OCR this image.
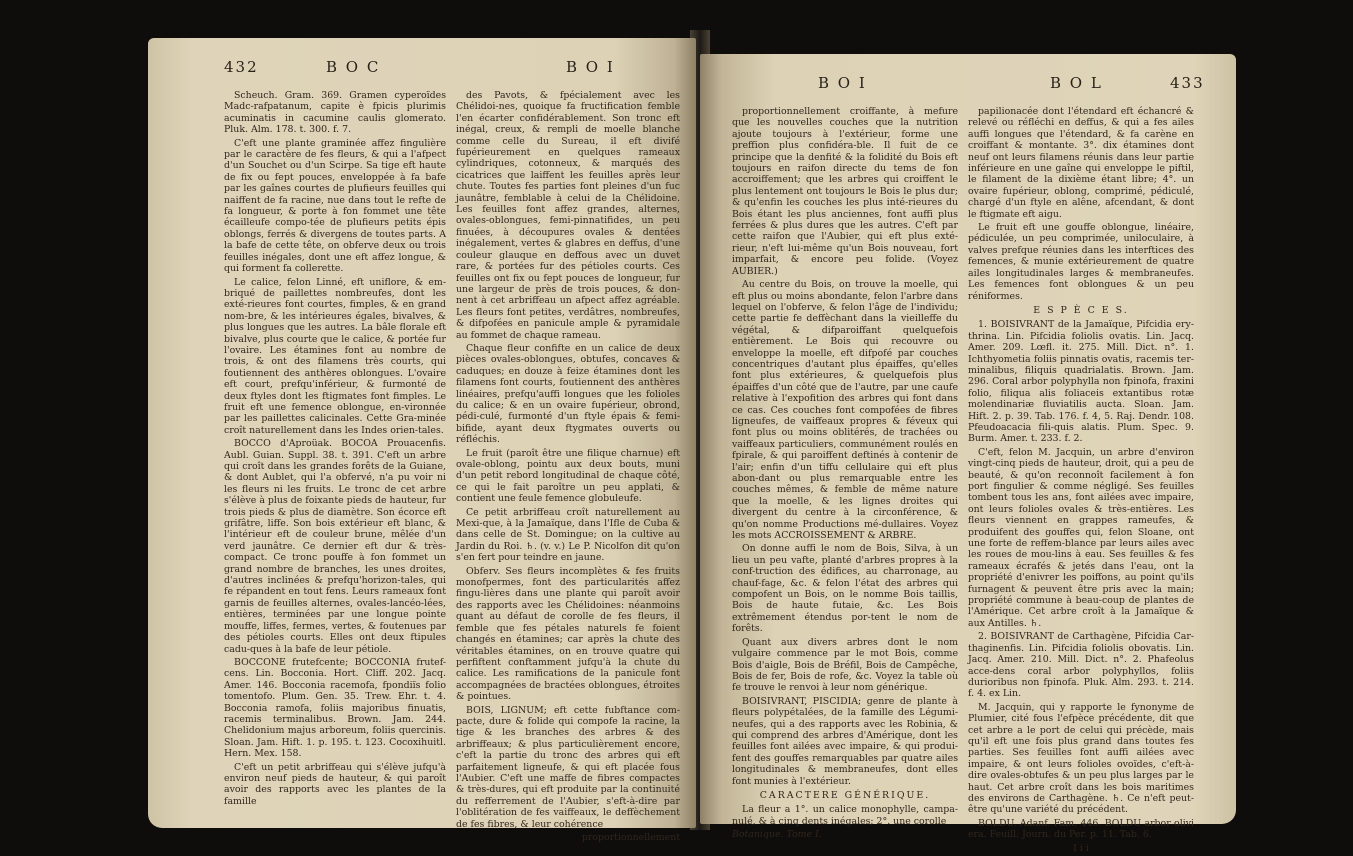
432	B O C	B O I

Scheuch. Gram. 369. Gramen cyperoïdes Madc-rafpatanum, capite è fpicis plurimis acuminatis in cacumine caulis glomerato. Pluk. Alm. 178. t. 300. f. 7.

C'eft une plante graminée affez fingulière par le caractère de fes fleurs, & qui a l'afpect d'un Souchet ou d'un Scirpe. Sa tige eft haute de fix ou fept pouces, enveloppée à fa bafe par les gaînes courtes de plufieurs feuilles qui naiffent de fa racine, nue dans tout le refte de fa longueur, & porte à fon fommet une tête écailleufe compo-tée de plufieurs petits épis oblongs, ferrés & divergens de toutes parts. A la bafe de cette tête, on obferve deux ou trois feuilles inégales, dont une eft affez longue, & qui forment fa collerette.

Le calice, felon Linné, eft uniflore, & em-briqué de paillettes nombreufes, dont les exté-rieures font courtes, fimples, & en grand nom-bre, & les intérieures égales, bivalves, & plus longues que les autres. La bâle florale eft bivalve, plus courte que le calice, & portée fur l'ovaire. Les étamines font au nombre de trois, & ont des filamens très courts, qui foutiennent des anthères oblongues. L'ovaire eft court, prefqu'inférieur, & furmonté de deux ftyles dont les ftigmates font fimples. Le fruit eft une femence oblongue, en-vironnée par les paillettes calicinales. Cette Gra-minée croît naturellement dans les Indes orien-tales.

BOCCO d'Aproüak. BOCOA Prouacenfis. Aubl. Guian. Suppl. 38. t. 391. C'eft un arbre qui croît dans les grandes forêts de la Guiane, & dont Aublet, qui l'a obfervé, n'a pu voir ni les fleurs ni les fruits. Le tronc de cet arbre s'élève à plus de foixante pieds de hauteur, fur trois pieds & plus de diamètre. Son écorce eft grifâtre, liffe. Son bois extérieur eft blanc, & l'intérieur eft de couleur brune, mêlée d'un verd jaunâtre. Ce dernier eft dur & très-compact. Ce tronc pouffe à fon fommet un grand nombre de branches, les unes droites, d'autres inclinées & prefqu'horizon-tales, qui fe répandent en tout fens. Leurs rameaux font garnis de feuilles alternes, ovales-lancéo-lées, entières, terminées par une longue pointe mouffe, liffes, fermes, vertes, & foutenues par des pétioles courts. Elles ont deux ftipules cadu-ques à la bafe de leur pétiole.

BOCCONE frutefcente; BOCCONIA frutef-cens. Lin. Bocconia. Hort. Cliff. 202. Jacq. Amer. 146. Bocconia racemofa, fpondiïs folio tomentofo. Plum. Gen. 35. Trew. Ehr. t. 4. Bocconia ramofa, foliis majoribus finuatis, racemis terminalibus. Brown. Jam. 244. Chelidonium majus arboreum, foliis quercinis. Sloan. Jam. Hift. 1. p. 195. t. 123. Cocoxihuitl. Hern. Mex. 158.

C'eft un petit arbriffeau qui s'élève jufqu'à environ neuf pieds de hauteur, & qui paroît avoir des rapports avec les plantes de la famille

des Pavots, & fpécialement avec les Chélidoi-nes, quoique fa fructification femble l'en écarter confidérablement. Son tronc eft inégal, creux, & rempli de moelle blanche comme celle du Sureau, il eft divifé fupérieurement en quelques rameaux cylindriques, cotonneux, & marqués des cicatrices que laiffent les feuilles après leur chute. Toutes fes parties font pleines d'un fuc jaunâtre, femblable à celui de la Chélidoine. Les feuilles font affez grandes, alternes, ovales-oblongues, femi-pinnatifides, un peu finuées, à découpures ovales & dentées inégalement, vertes & glabres en deffus, d'une couleur glauque en deffous avec un duvet rare, & portées fur des pétioles courts. Ces feuilles ont fix ou fept pouces de longueur, fur une largeur de près de trois pouces, & don-nent à cet arbriffeau un afpect affez agréable. Les fleurs font petites, verdâtres, nombreufes, & difpofées en panicule ample & pyramidale au fommet de chaque rameau.

Chaque fleur confifte en un calice de deux pièces ovales-oblongues, obtufes, concaves & caduques; en douze à feize étamines dont les filamens font courts, foutiennent des anthères linéaires, prefqu'auffi longues que les folioles du calice; & en un ovaire fupérieur, obrond, pédi-culé, furmonté d'un ftyle épais & femi-bifide, ayant deux ftygmates ouverts ou réfléchis.

Le fruit (paroît être une filique charnue) eft ovale-oblong, pointu aux deux bouts, muni d'un petit rebord longitudinal de chaque côté, ce qui le fait paroître un peu applati, & contient une feule femence globuleufe.

Ce petit arbriffeau croît naturellement au Mexi-que, à la Jamaïque, dans l'Ifle de Cuba & dans celle de St. Domingue; on la cultive au Jardin du Roi. ♄. (v. v.) Le P. Nicolfon dit qu'on s'en fert pour teindre en jaune.

Obferv. Ses fleurs incomplètes & fes fruits monofpermes, font des particularités affez fingu-lières dans une plante qui paroît avoir des rapports avec les Chélidoines: néanmoins quant au défaut de corolle de fes fleurs, il femble que fes pétales naturels fe foient changés en étamines; car après la chute des véritables étamines, on en trouve quatre qui perfiftent conftamment jufqu'à la chute du calice. Les ramifications de la panicule font accompagnées de bractées oblongues, étroites & pointues.

BOIS, LIGNUM; eft cette fubftance com-pacte, dure & folide qui compofe la racine, la tige & les branches des arbres & des arbriffeaux; & plus particulièrement encore, c'eft la partie du tronc des arbres qui eft parfaitement ligneufe, & qui eft placée fous l'Aubier. C'eft une maffe de fibres compactes & très-dures, qui eft produite par la continuité du refferrement de l'Aubier, s'eft-à-dire par l'oblitération de fes vaiffeaux, le deffèchement de fes fibres, & leur cohérence

proportionnellement

B O I	B O L	433

proportionnellement croiffante, à mefure que les nouvelles couches que la nutrition ajoute toujours à l'extérieur, forme une preffion plus confidéra-ble. Il fuit de ce principe que la denfité & la folidité du Bois eft toujours en raifon directe du tems de fon accroiffement; que les arbres qui croiffent le plus lentement ont toujours le Bois le plus dur; & qu'enfin les couches les plus inté-rieures du Bois étant les plus anciennes, font auffi plus ferrées & plus dures que les autres. C'eft par cette raifon que l'Aubier, qui eft plus exté-rieur, n'eft lui-même qu'un Bois nouveau, fort imparfait, & encore peu folide. (Voyez AUBIER.)

Au centre du Bois, on trouve la moelle, qui eft plus ou moins abondante, felon l'arbre dans lequel on l'obferve, & felon l'âge de l'individu; cette partie fe deffèchant dans la vieilleffe du végétal, & difparoiffant quelquefois entièrement. Le Bois qui recouvre ou enveloppe la moelle, eft difpofé par couches concentriques d'autant plus épaiffes, qu'elles font plus extérieures, & quelquefois plus épaiffes d'un côté que de l'autre, par une caufe relative à l'expofition des arbres qui font dans ce cas. Ces couches font compofées de fibres ligneufes, de vaiffeaux propres & féveux qui font plus ou moins oblitérés, de trachées ou vaiffeaux particuliers, communément roulés en fpirale, & qui paroiffent deftinés à contenir de l'air; enfin d'un tiffu cellulaire qui eft plus abon-dant ou plus remarquable entre les couches mêmes, & femble de même nature que la moelle, & les lignes droites qui divergent du centre à la circonférence, & qu'on nomme Productions mé-dullaires. Voyez les mots ACCROISSEMENT & ARBRE.

On donne auffi le nom de Bois, Silva, à un lieu un peu vafte, planté d'arbres propres à la conf-truction des édifices, au charronage, au chauf-fage, &c. & felon l'état des arbres qui compofent un Bois, on le nomme Bois taillis, Bois de haute futaie, &c. Les Bois extrêmement étendus por-tent le nom de forêts.

Quant aux divers arbres dont le nom vulgaire commence par le mot Bois, comme Bois d'aigle, Bois de Bréfil, Bois de Campêche, Bois de fer, Bois de rofe, &c. Voyez la table où fe trouve le renvoi à leur nom générique.

BOISIVRANT, PISCIDIA; genre de plante à fleurs polypétalées, de la famille des Légumi-neufes, qui a des rapports avec les Robinia, & qui comprend des arbres d'Amérique, dont les feuilles font ailées avec impaire, & qui produi-fent des gouffes remarquables par quatre ailes longitudinales & membraneufes, dont elles font munies à l'extérieur.

CARACTERE GÉNÉRIQUE.

La fleur a 1°. un calice monophylle, campa-nulé, & à cinq dents inégales; 2°. une corolle

Botanique. Tome I.

papilionacée dont l'étendard eft échancré & relevé ou réfléchi en deffus, & qui a fes ailes auffi longues que l'étendard, & fa carène en croiffant & montante. 3°. dix étamines dont neuf ont leurs filamens réunis dans leur partie inférieure en une gaîne qui enveloppe le piftil, le filament de la dixième étant libre; 4°. un ovaire fupérieur, oblong, comprimé, pédiculé, chargé d'un ftyle en alêne, afcendant, & dont le ftigmate eft aigu.

Le fruit eft une gouffe oblongue, linéaire, pédiculée, un peu comprimée, uniloculaire, à valves prefque réunies dans les interftices des femences, & munie extérieurement de quatre ailes longitudinales larges & membraneufes. Les femences font oblongues & un peu réniformes.

E S P È C E S.

1. BOISIVRANT de la Jamaïque, Pifcidia ery-thrina. Lin. Pifcidia foliolis ovatis. Lin. Jacq. Amer. 209. Lœfl. it. 275. Mill. Dict. n°. 1. Ichthyometia foliis pinnatis ovatis, racemis ter-minalibus, filiquis quadrialatis. Brown. Jam. 296. Coral arbor polyphylla non fpinofa, fraxini folio, filiqua alis foliaceis extantibus rotæ molendinariæ fluviatilis aucta. Sloan. Jam. Hift. 2. p. 39. Tab. 176. f. 4, 5. Raj. Dendr. 108. Pfeudoacacia fili-quis alatis. Plum. Spec. 9. Burm. Amer. t. 233. f. 2.

C'eft, felon M. Jacquin, un arbre d'environ vingt-cinq pieds de hauteur, droit, qui a peu de beauté, & qu'on reconnoît facilement à fon port fingulier & comme négligé. Ses feuilles tombent tous les ans, font ailées avec impaire, ont leurs folioles ovales & très-entières. Les fleurs viennent en grappes rameufes, & produifent des gouffes qui, felon Sloane, ont une forte de reffem-blance par leurs ailes avec les roues de mou-lins à eau. Ses feuilles & fes rameaux écrafés & jetés dans l'eau, ont la propriété d'enivrer les poiffons, au point qu'ils furnagent & peuvent être pris avec la main; propriété commune à beau-coup de plantes de l'Amérique. Cet arbre croît à la Jamaïque & aux Antilles. ♄.

2. BOISIVRANT de Carthagène, Pifcidia Car-thaginenfis. Lin. Pifcidia foliolis obovatis. Lin. Jacq. Amer. 210. Mill. Dict. n°. 2. Phafeolus acce-dens coral arbor polyphyllos, foliis durioribus non fpinofa. Pluk. Alm. 293. t. 214. f. 4. ex Lin.

M. Jacquin, qui y rapporte le fynonyme de Plumier, cité fous l'efpèce précédente, dit que cet arbre a le port de celui qui précède, mais qu'il eft une fois plus grand dans toutes fes parties. Ses feuilles font auffi ailées avec impaire, & ont leurs folioles ovoïdes, c'eft-à-dire ovales-obtufes & un peu plus larges par le haut. Cet arbre croît dans les bois maritimes des environs de Carthagène. ♄. Ce n'eft peut-être qu'une variété du précédent.

BOLDU. Adanf. Fam. 446. BOLDU arbor olivi era. Feuill. Journ. du Per. p. 11. Tab. 6.

I i i
